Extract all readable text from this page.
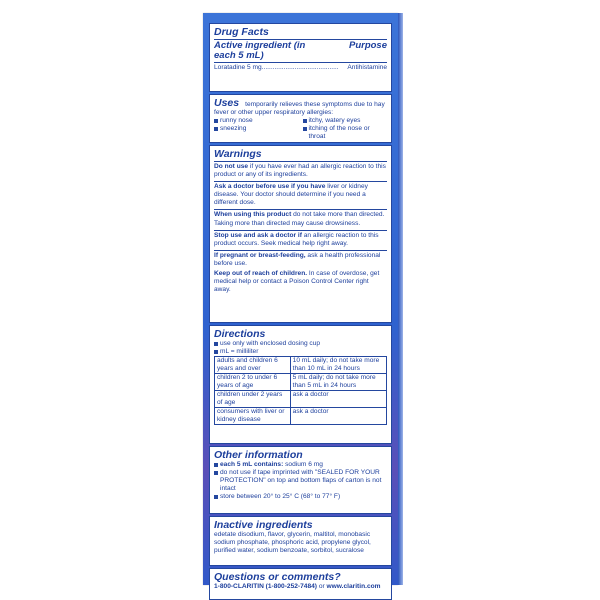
Drug Facts
Active ingredient (in each 5 mL)
Purpose
Loratadine 5 mg ..........................................	Antihistamine
Uses temporarily relieves these symptoms due to hay fever or other upper respiratory allergies:
runny nose	itchy, watery eyes
sneezing	itching of the nose or throat
Warnings
Do not use if you have ever had an allergic reaction to this product or any of its ingredients.
Ask a doctor before use if you have liver or kidney disease. Your doctor should determine if you need a different dose.
When using this product do not take more than directed. Taking more than directed may cause drowsiness.
Stop use and ask a doctor if an allergic reaction to this product occurs. Seek medical help right away.
If pregnant or breast-feeding, ask a health professional before use.
Keep out of reach of children. In case of overdose, get medical help or contact a Poison Control Center right away.
Directions
use only with enclosed dosing cup
mL = milliliter
adults and children 6 years and over	10 mL daily; do not take more than 10 mL in 24 hours
children 2 to under 6 years of age	5 mL daily; do not take more than 5 mL in 24 hours
children under 2 years of age	ask a doctor
consumers with liver or kidney disease	ask a doctor
Other information
each 5 mL contains: sodium 6 mg
do not use if tape imprinted with "SEALED FOR YOUR PROTECTION" on top and bottom flaps of carton is not intact
store between 20° to 25° C (68° to 77° F)
Inactive ingredients
edetate disodium, flavor, glycerin, maltitol, monobasic sodium phosphate, phosphoric acid, propylene glycol, purified water, sodium benzoate, sorbitol, sucralose
Questions or comments?
1-800-CLARITIN (1-800-252-7484) or www.claritin.com
